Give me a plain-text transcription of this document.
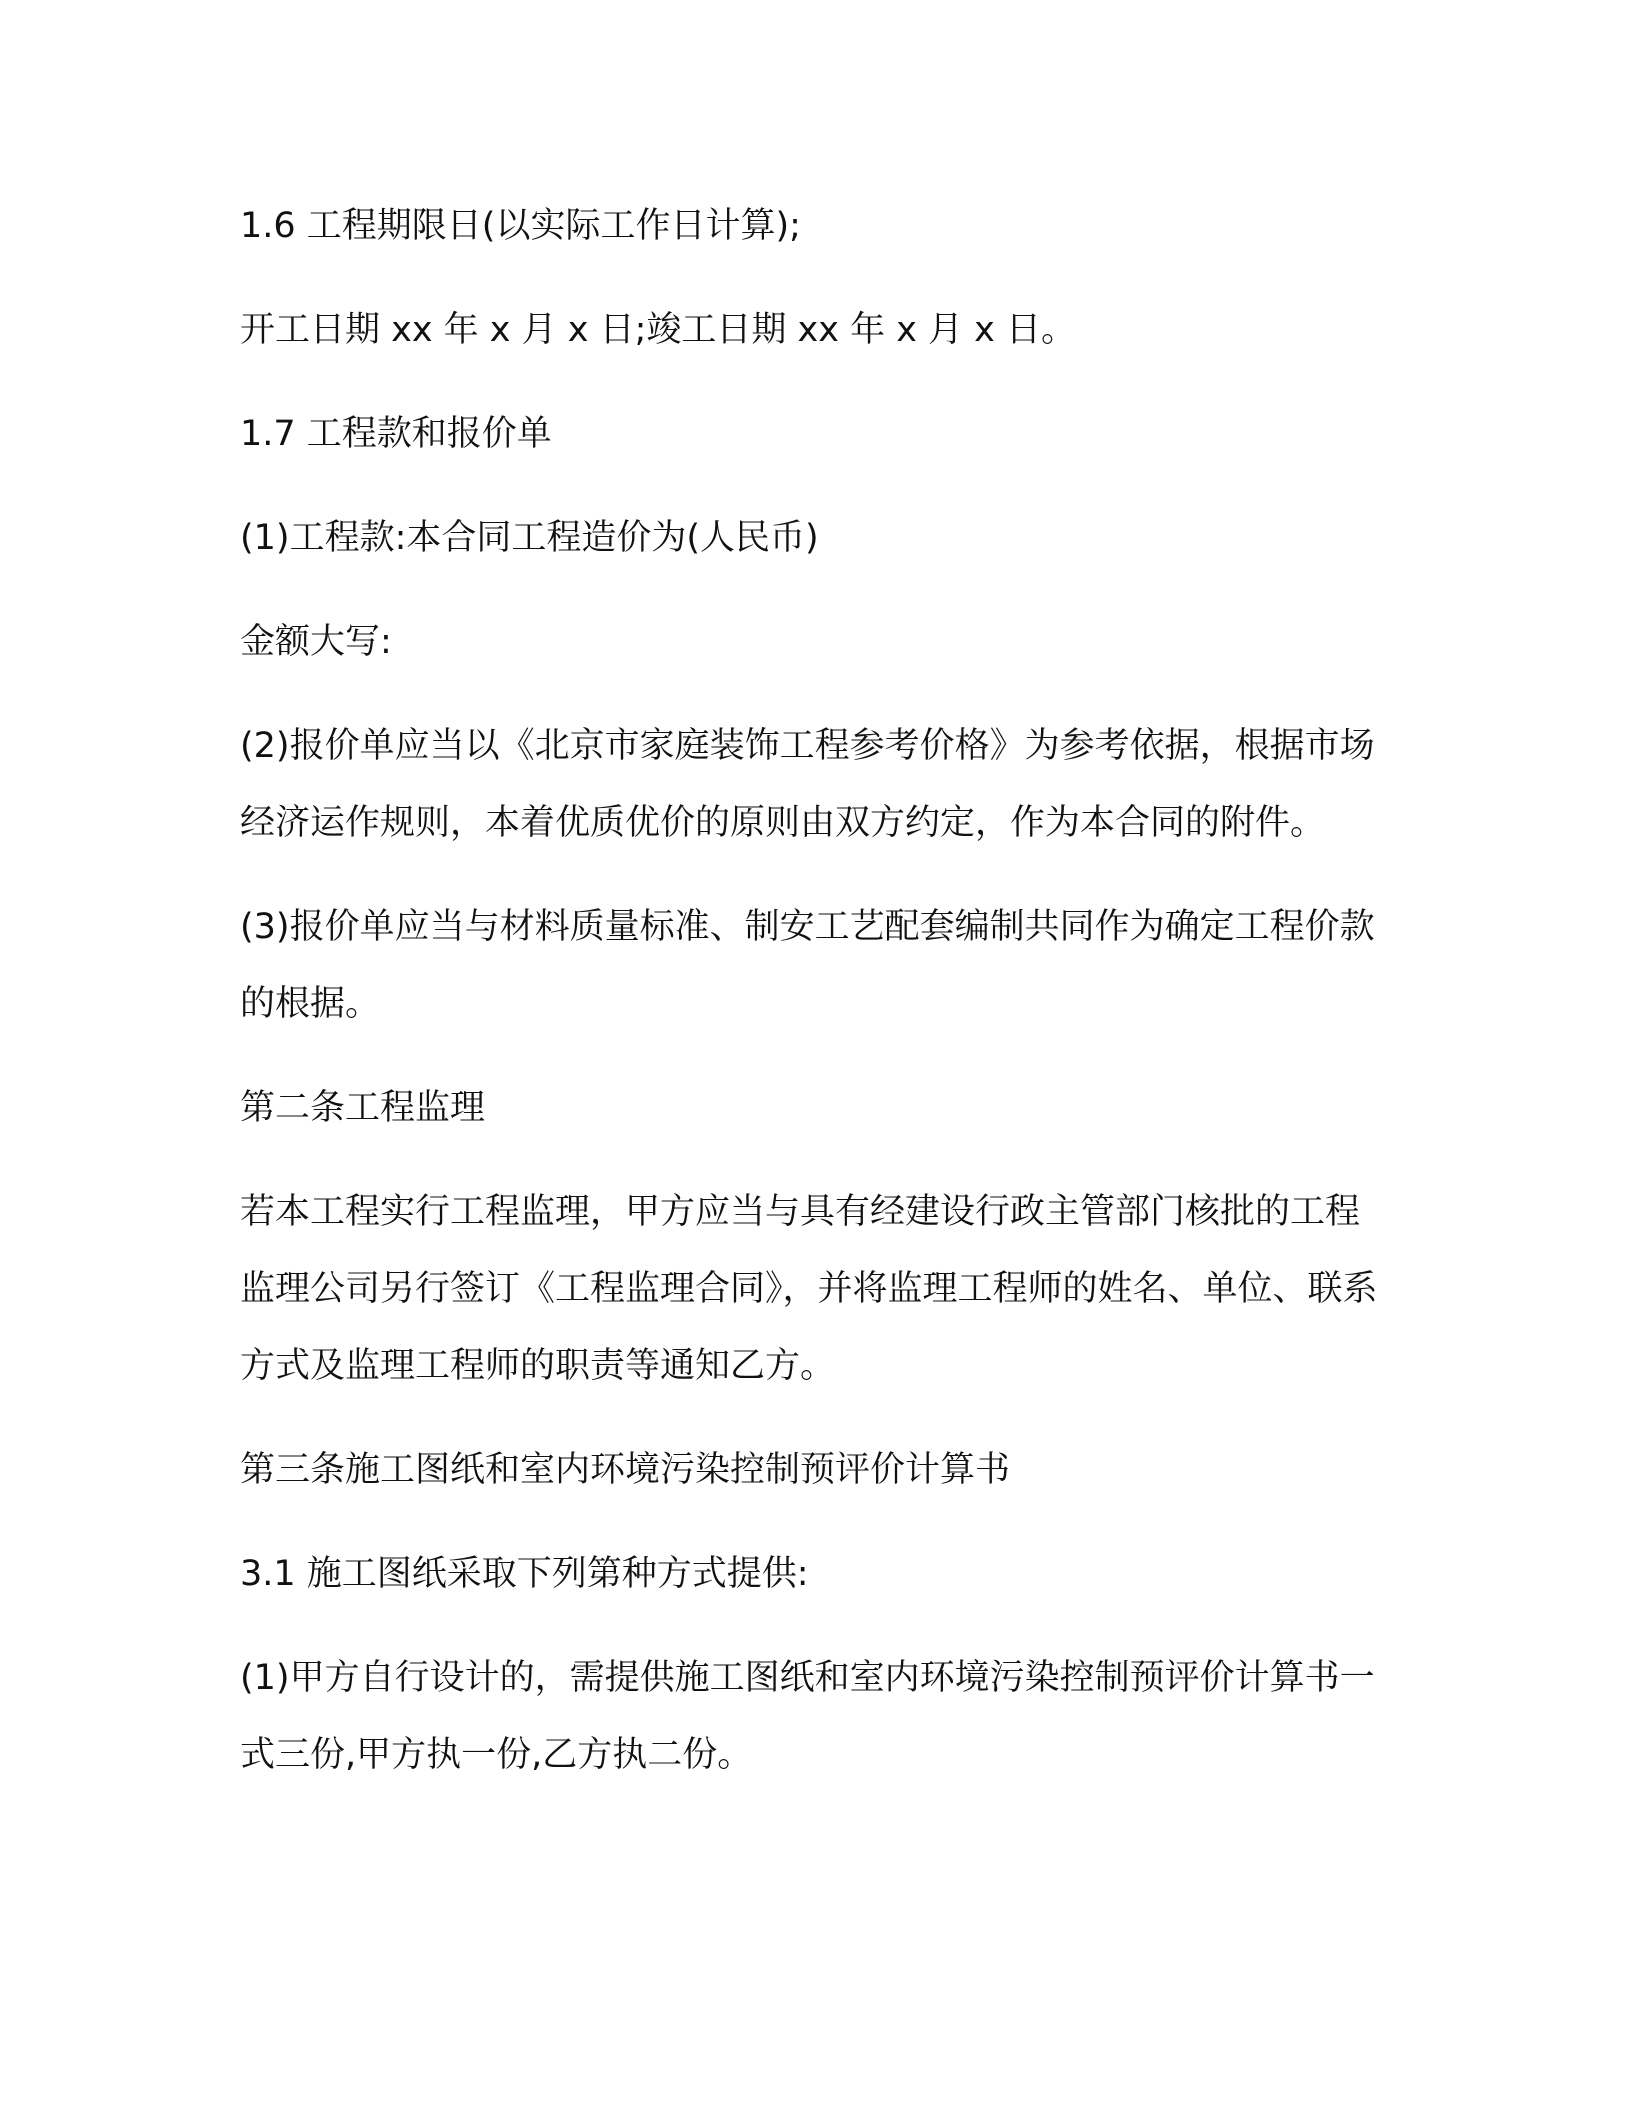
1.6 工程期限日(以实际工作日计算);

开工日期 xx 年 x 月 x 日;竣工日期 xx 年 x 月 x 日。

1.7 工程款和报价单

(1)工程款:本合同工程造价为(人民币)

金额大写:

(2)报价单应当以《北京市家庭装饰工程参考价格》为参考依据，根据市场经济运作规则，本着优质优价的原则由双方约定，作为本合同的附件。

(3)报价单应当与材料质量标准、制安工艺配套编制共同作为确定工程价款的根据。

第二条工程监理

若本工程实行工程监理，甲方应当与具有经建设行政主管部门核批的工程监理公司另行签订《工程监理合同》，并将监理工程师的姓名、单位、联系方式及监理工程师的职责等通知乙方。

第三条施工图纸和室内环境污染控制预评价计算书

3.1 施工图纸采取下列第种方式提供:

(1)甲方自行设计的，需提供施工图纸和室内环境污染控制预评价计算书一式三份,甲方执一份,乙方执二份。
